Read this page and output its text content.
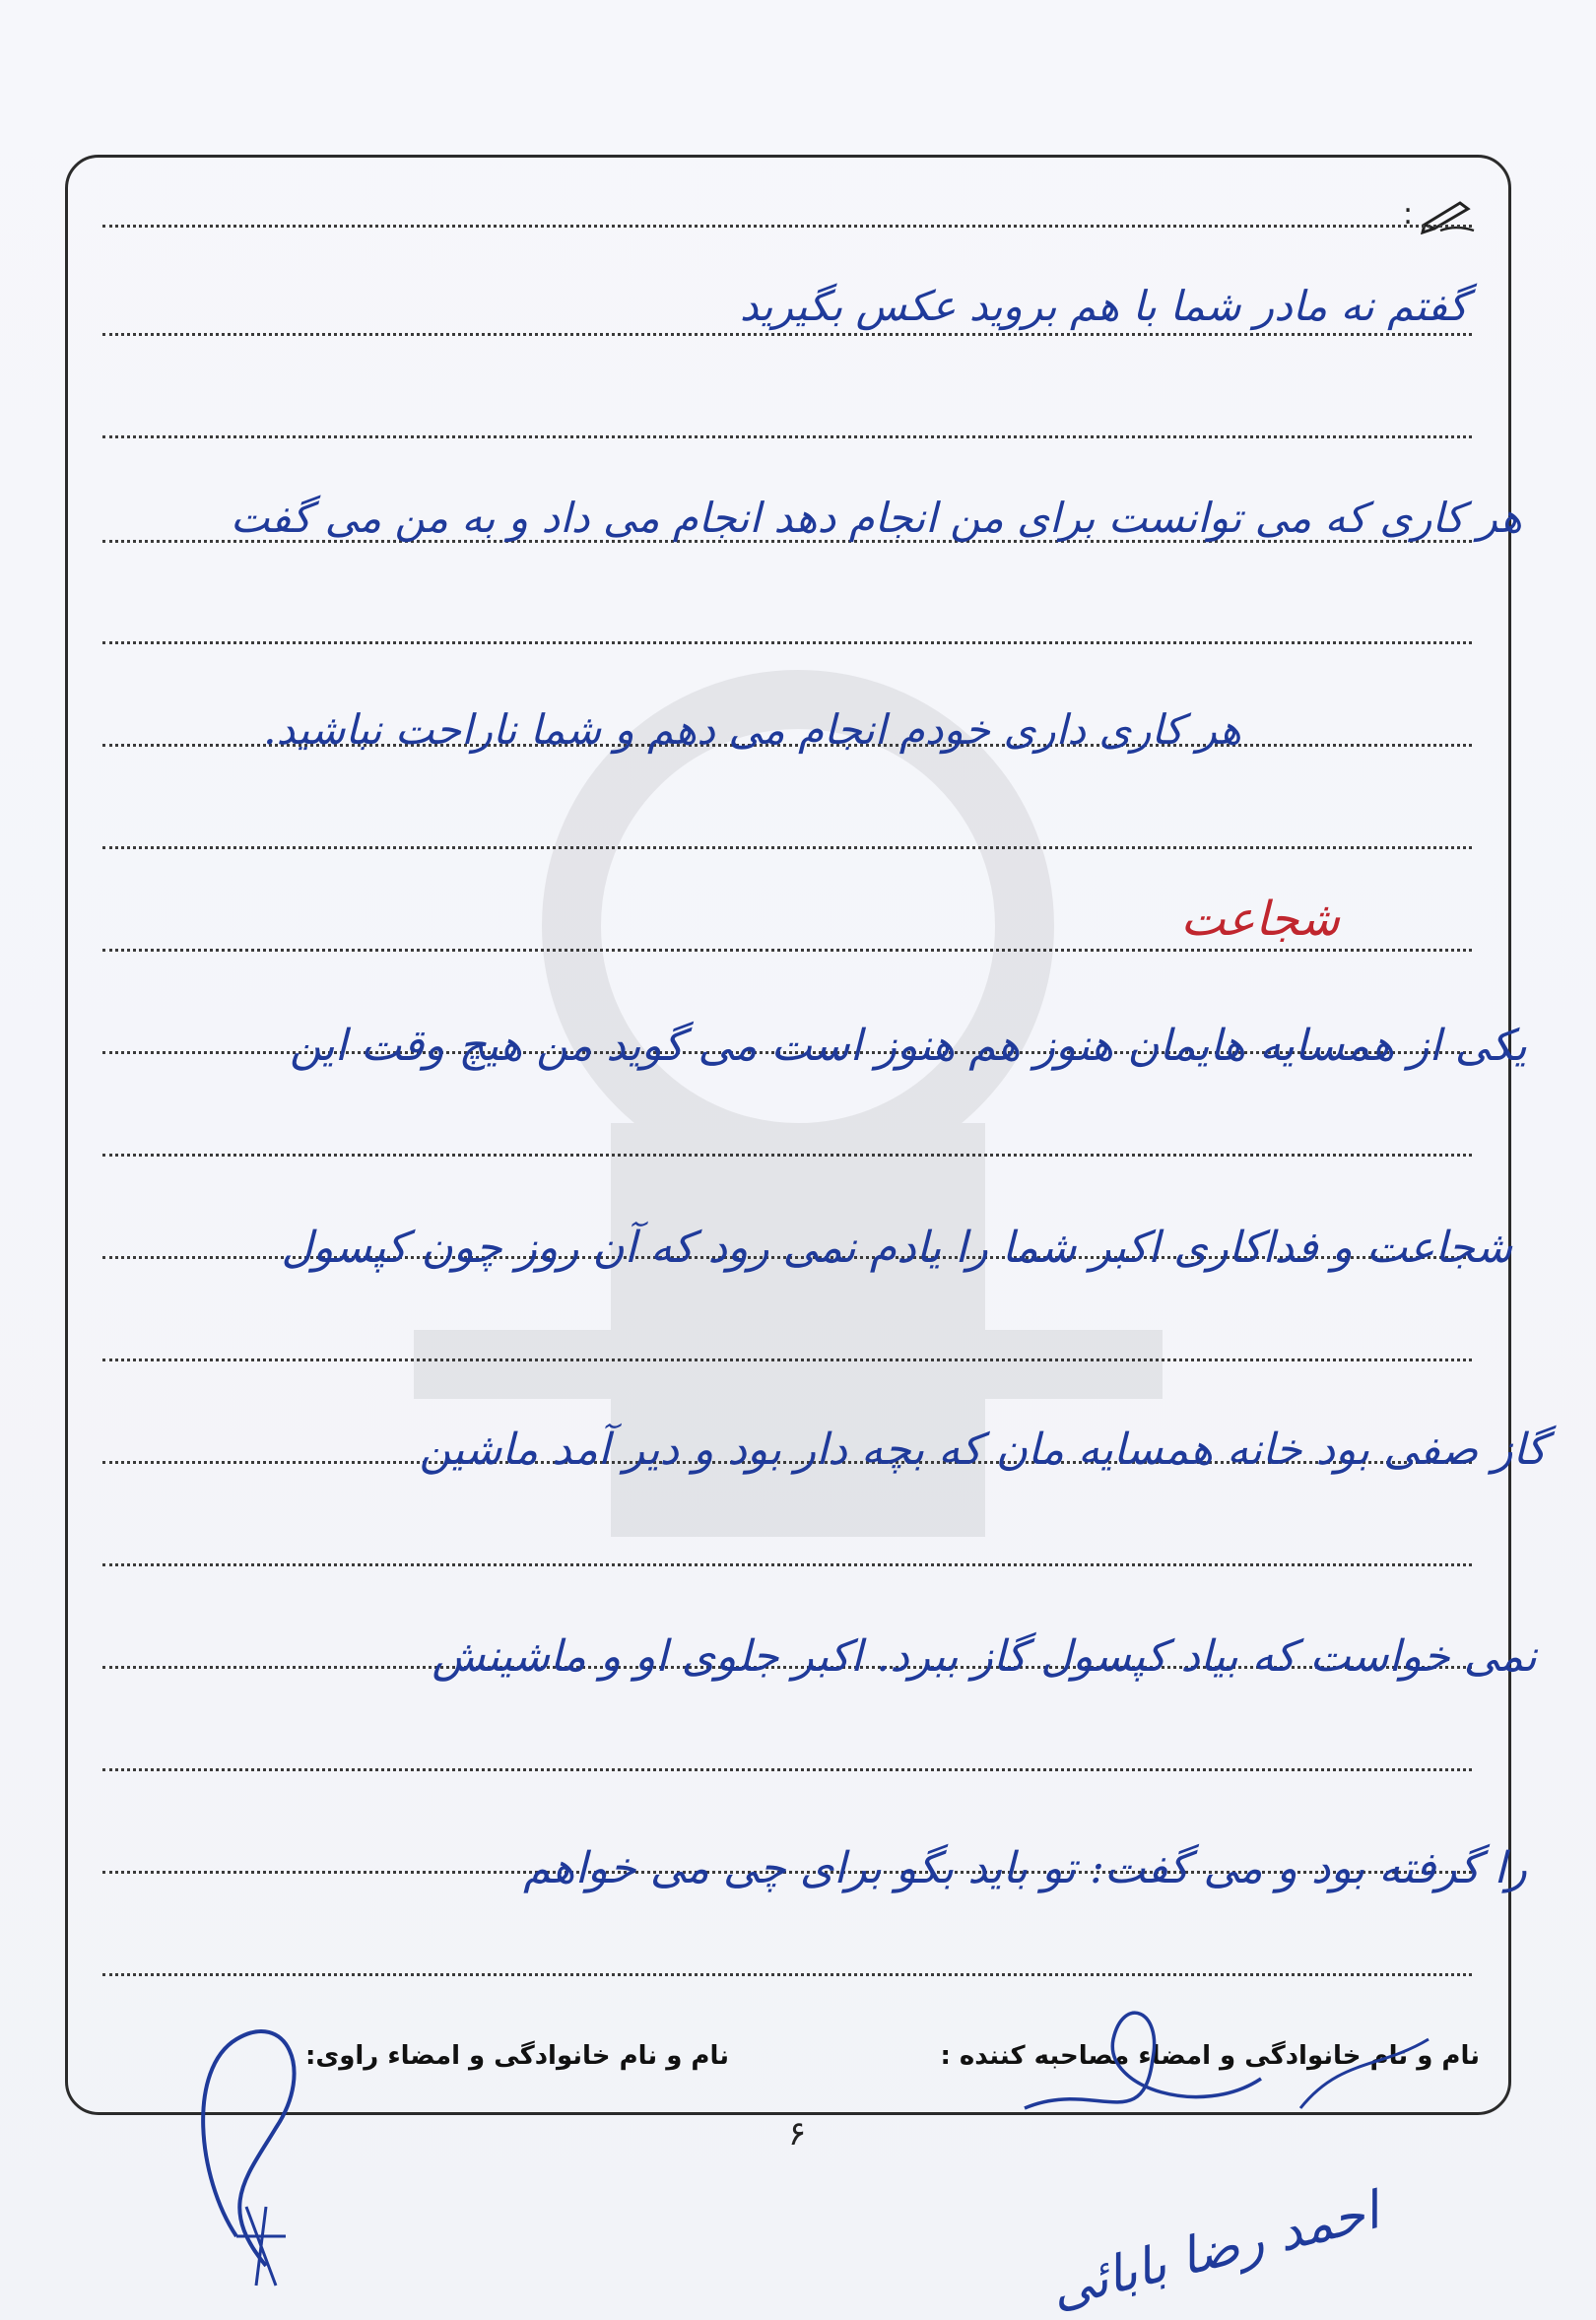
:
گفتم نه مادر شما با هم بروید عکس بگیرید
هر کاری که می توانست برای من انجام دهد انجام می داد و به من می گفت
هر کاری داری خودم انجام می دهم و شما ناراحت نباشید.
شجاعت
یکی از همسایه هایمان هنوز هم هنوز است می گوید من هیچ وقت این
شجاعت و فداکاری اکبر شما را یادم نمی رود که آن روز چون کپسول
گاز صفی بود خانه همسایه مان که بچه دار بود و دیر آمد ماشین
نمی خواست که بیاد کپسول گاز ببرد. اکبر جلوی او و ماشینش
را گرفته بود و می گفت: تو باید بگو برای چی می خواهم
نام و نام خانوادگی و امضاء مصاحبه کننده :
نام و نام خانوادگی و امضاء راوی:
احمد رضا بابائی
۶
